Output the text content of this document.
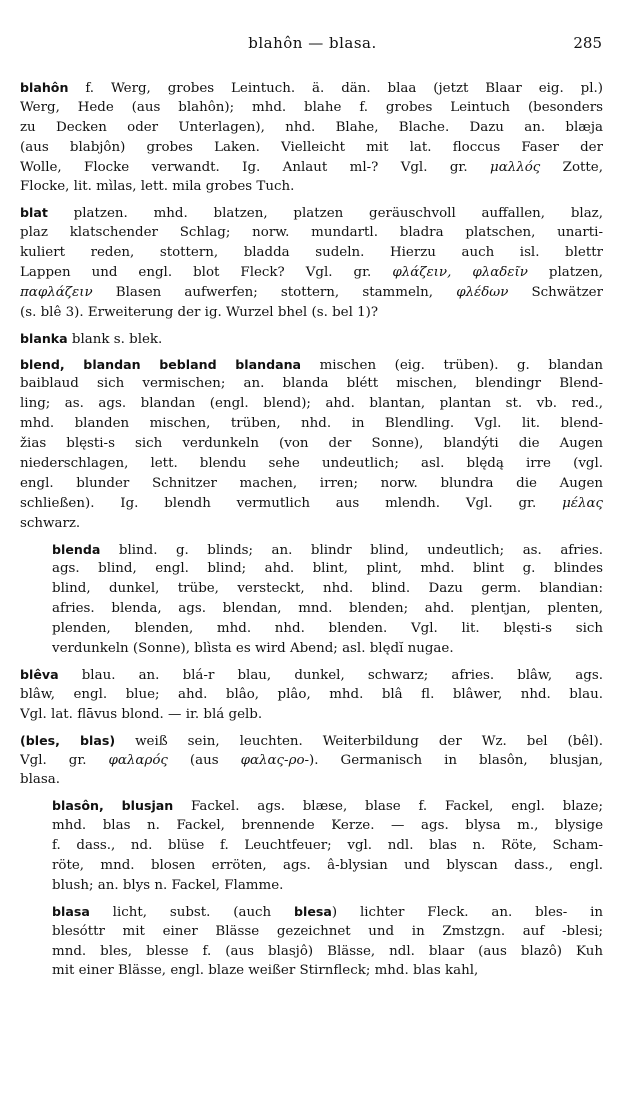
blahôn — blasa.	285
blahôn f. Werg, grobes Leintuch. ä. dän. blaa (jetzt Blaar eig. pl.)
Werg, Hede (aus blahôn); mhd. blahe f. grobes Leintuch (besonders
zu Decken oder Unterlagen), nhd. Blahe, Blache. Dazu an. blæja
(aus blabjôn) grobes Laken. Vielleicht mit lat. floccus Faser der
Wolle, Flocke verwandt. Ig. Anlaut ml-? Vgl. gr. μαλλός Zotte,
Flocke, lit. mìlas, lett. mila grobes Tuch.
blat platzen. mhd. blatzen, platzen geräuschvoll auffallen, blaz,
plaz klatschender Schlag; norw. mundartl. bladra platschen, unarti-
kuliert reden, stottern, bladda sudeln. Hierzu auch isl. blettr
Lappen und engl. blot Fleck? Vgl. gr. φλάζειν, φλαδεῖν platzen,
παφλάζειν Blasen aufwerfen; stottern, stammeln, φλέδων Schwätzer
(s. blê 3). Erweiterung der ig. Wurzel bhel (s. bel 1)?
blanka blank s. blek.
blend, blandan bebland blandana mischen (eig. trüben). g. blandan
baiblaud sich vermischen; an. blanda blétt mischen, blendingr Blend-
ling; as. ags. blandan (engl. blend); ahd. blantan, plantan st. vb. red.,
mhd. blanden mischen, trüben, nhd. in Blendling. Vgl. lit. blend-
žias blęsti-s sich verdunkeln (von der Sonne), blandýti die Augen
niederschlagen, lett. blendu sehe undeutlich; asl. blędą irre (vgl.
engl. blunder Schnitzer machen, irren; norw. blundra die Augen
schließen). Ig. blendh vermutlich aus mlendh. Vgl. gr. μέλας
schwarz.
blenda blind. g. blinds; an. blindr blind, undeutlich; as. afries.
ags. blind, engl. blind; ahd. blint, plint, mhd. blint g. blindes
blind, dunkel, trübe, versteckt, nhd. blind. Dazu germ. blandian:
afries. blenda, ags. blendan, mnd. blenden; ahd. plentjan, plenten,
plenden, blenden, mhd. nhd. blenden. Vgl. lit. blęsti-s sich
verdunkeln (Sonne), blìsta es wird Abend; asl. blędĭ nugae.
blêva blau. an. blá-r blau, dunkel, schwarz; afries. blâw, ags.
blâw, engl. blue; ahd. blâo, plâo, mhd. blâ fl. blâwer, nhd. blau.
Vgl. lat. flāvus blond. — ir. blá gelb.
(bles, blas) weiß sein, leuchten. Weiterbildung der Wz. bel (bêl).
Vgl. gr. φαλαρός (aus φαλας-ρο-). Germanisch in blasôn, blusjan,
blasa.
blasôn, blusjan Fackel. ags. blæse, blase f. Fackel, engl. blaze;
mhd. blas n. Fackel, brennende Kerze. — ags. blysa m., blysige
f. dass., nd. blüse f. Leuchtfeuer; vgl. ndl. blas n. Röte, Scham-
röte, mnd. blosen erröten, ags. â-blysian und blyscan dass., engl.
blush; an. blys n. Fackel, Flamme.
blasa licht, subst. (auch blesa) lichter Fleck. an. bles- in
blesóttr mit einer Blässe gezeichnet und in Zmstzgn. auf -blesi;
mnd. bles, blesse f. (aus blasjô) Blässe, ndl. blaar (aus blazô) Kuh
mit einer Blässe, engl. blaze weißer Stirnfleck; mhd. blas kahl,
